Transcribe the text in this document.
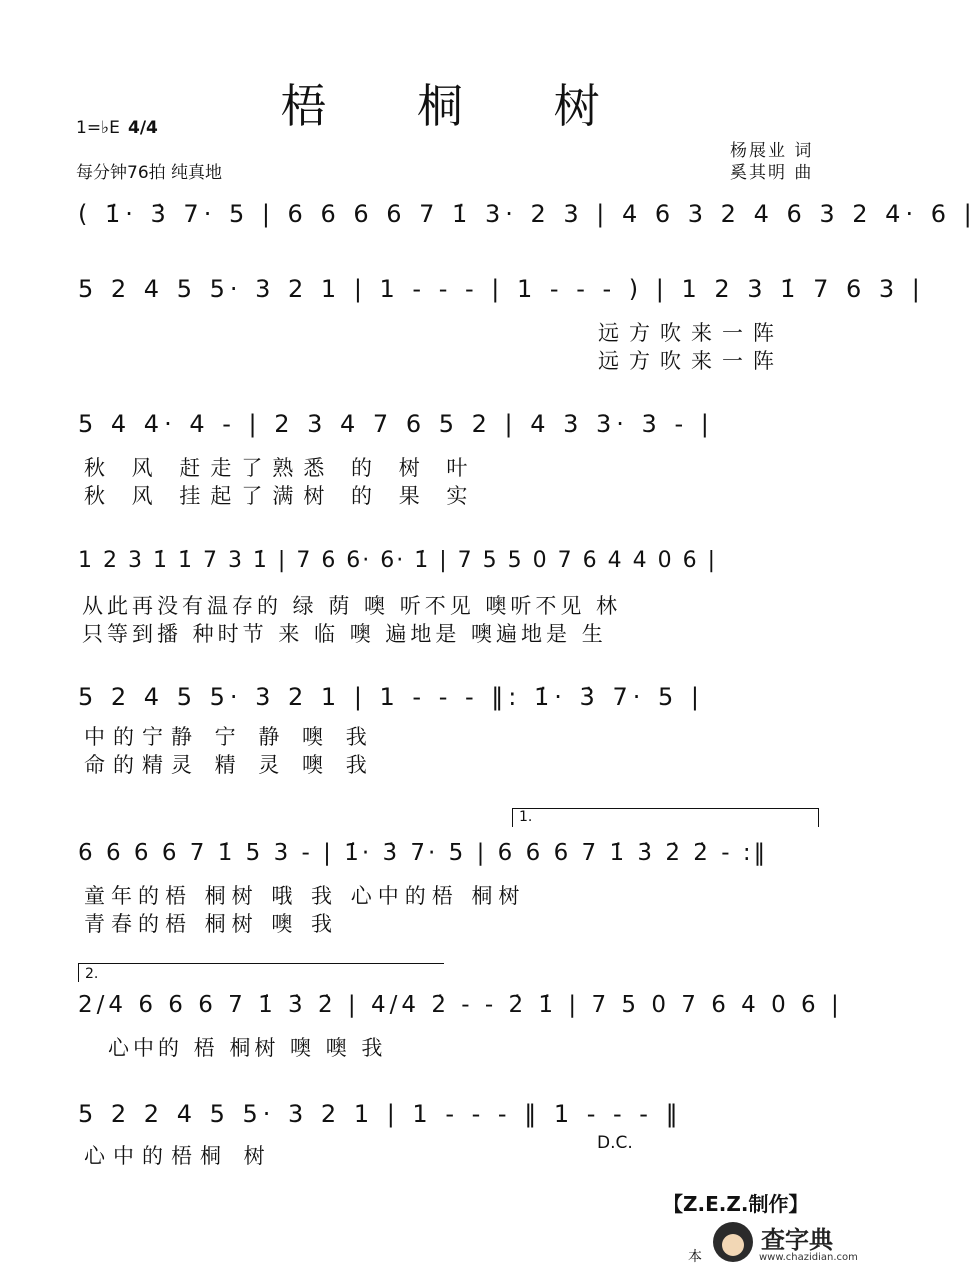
梧 桐 树
1=♭E 4/4
每分钟76拍 纯真地
杨展业 词
奚其明 曲
( 1̇· 3̇ 7· 5 | 6 6 6 6 7 1̇ 3· 2 3 | 4 6 3 2 4 6 3 2 4· 6 |
5 2 4 5 5· 3 2 1 | 1 - - - | 1 - - - ) | 1 2 3 1̇ 7 6 3 |
远方吹来一阵
远方吹来一阵
5 4 4· 4 - | 2 3 4 7 6 5 2 | 4 3 3· 3 - |
秋 风 赶走了熟悉 的 树 叶
秋 风 挂起了满树 的 果 实
1 2 3 1̇ 1̇ 7 3 1̇ | 7 6 6· 6· 1̇ | 7 5 5 0 7 6 4 4 0 6 |
从此再没有温存的 绿 荫 噢 听不见 噢听不见 林
只等到播 种时节 来 临 噢 遍地是 噢遍地是 生
5 2 4 5 5· 3 2 1 | 1 - - - ‖: 1̇· 3̇ 7· 5 |
中的宁静 宁 静 噢 我
命的精灵 精 灵 噢 我
1.
6 6 6 6 7 1̇ 5 3 - | 1̇· 3̇ 7· 5 | 6 6 6 7 1̇ 3̇ 2̇ 2̇ - :‖
童年的梧 桐树 哦 我 心中的梧 桐树
青春的梧 桐树 噢 我
2.
2/4 6 6 6 7 1̇ 3̇ 2̇ | 4/4 2̇ - - 2̇ 1̇ | 7 5 0 7 6 4 0 6 |
心中的 梧 桐树 噢 噢 我
5 2 2 4 5 5· 3 2 1 | 1 - - - ‖ 1 - - - ‖
心中的梧桐 树
D.C.
【Z.E.Z.制作】
查字典
www.chazidian.com
本
